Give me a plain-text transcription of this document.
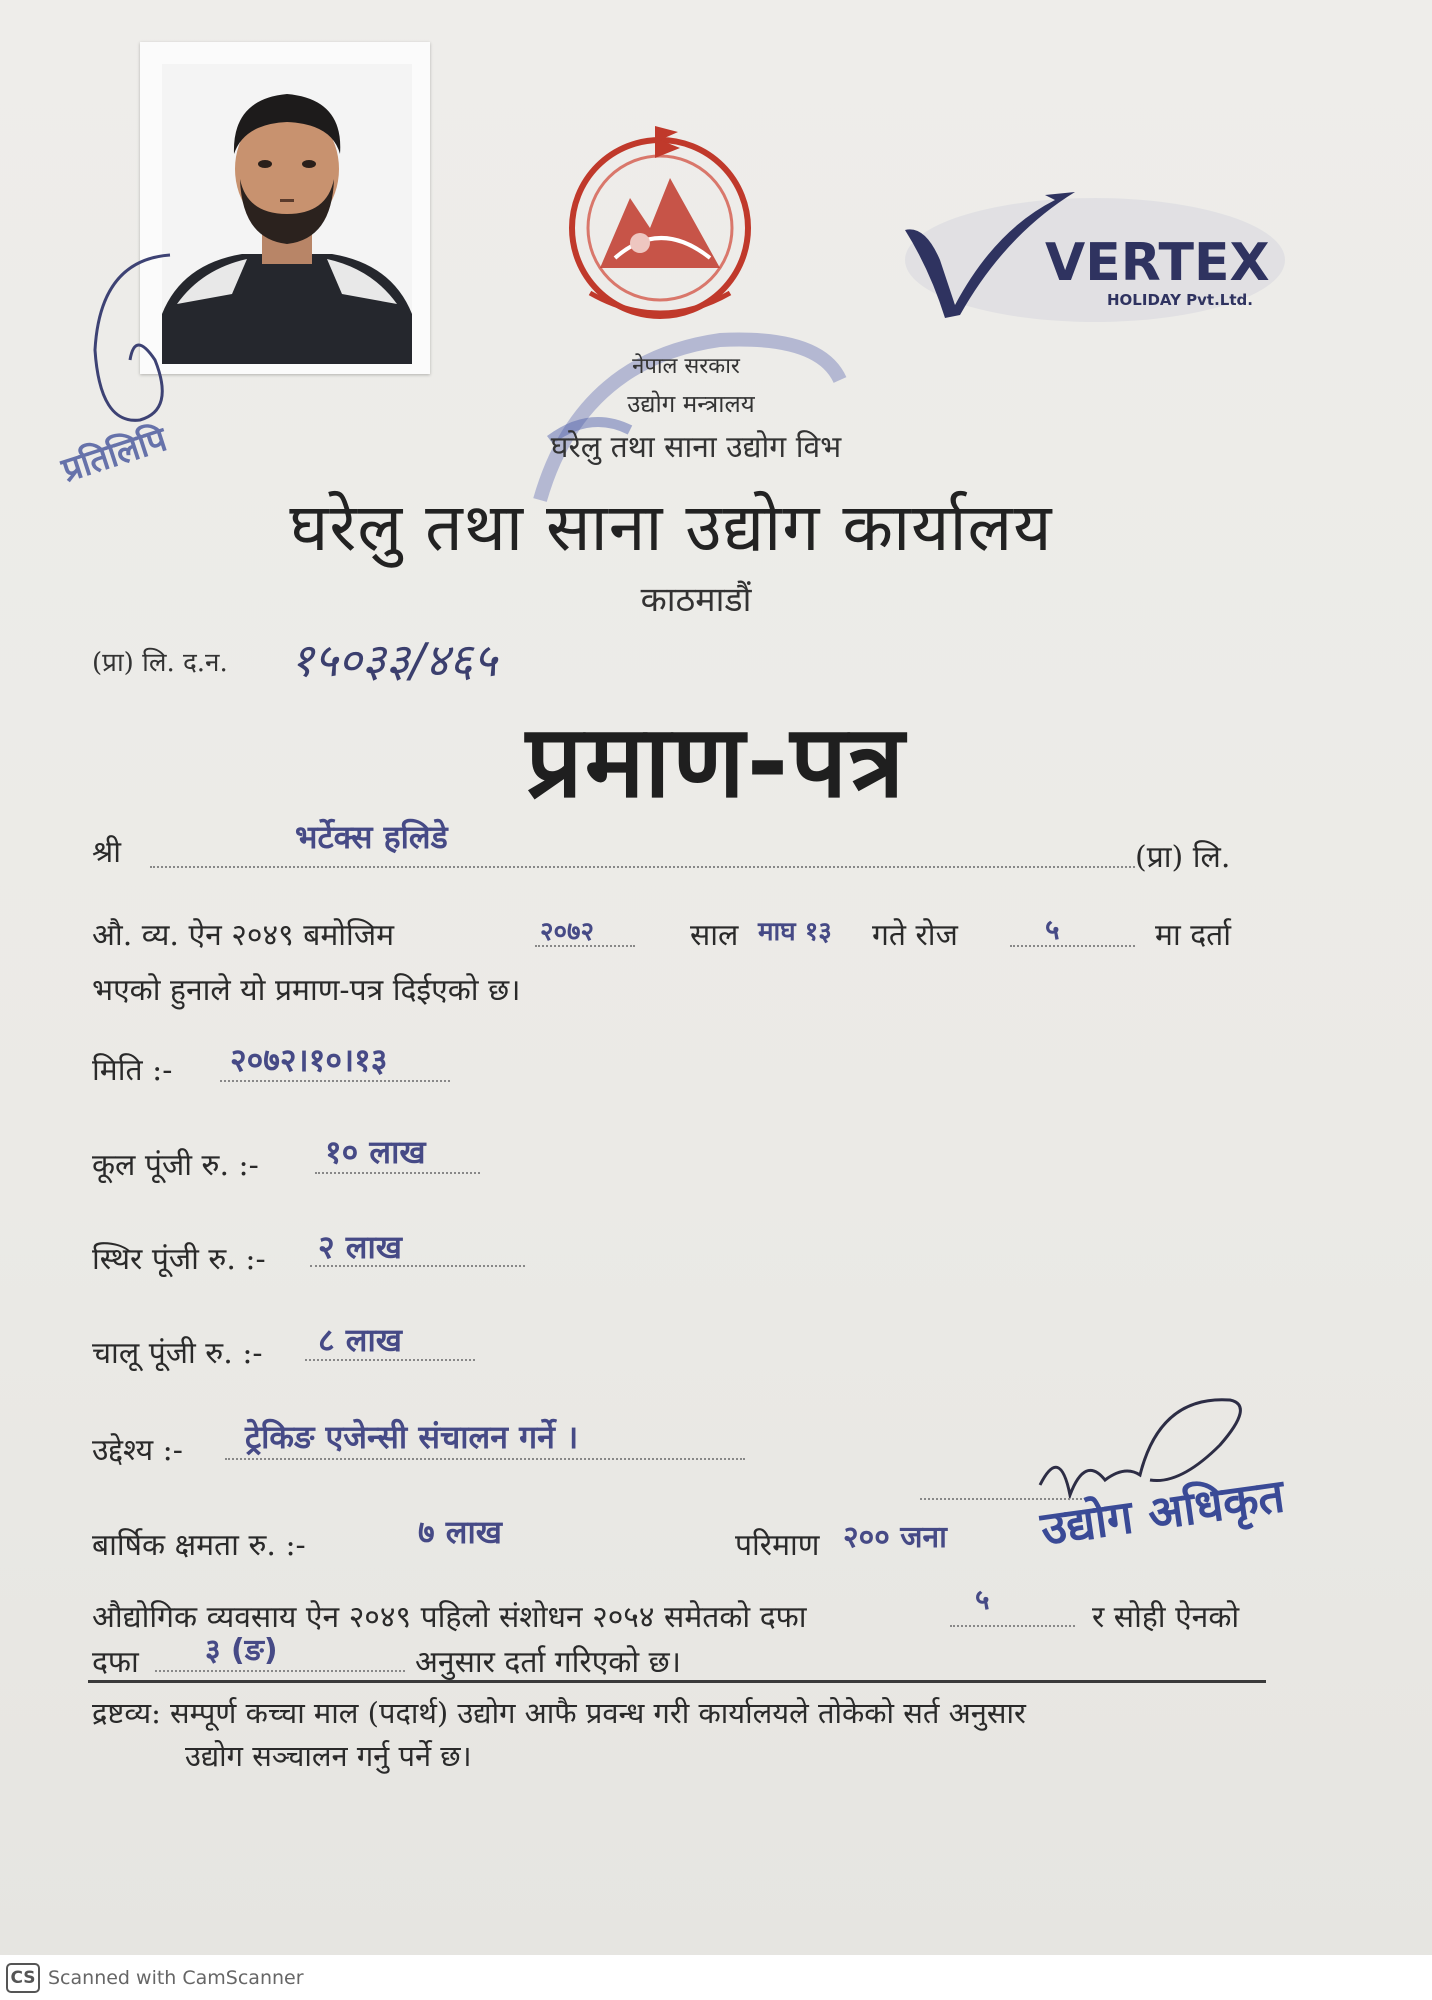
प्रतिलिपि
VERTEX
HOLIDAY Pvt.Ltd.
नेपाल सरकार
उद्योग मन्त्रालय
घरेलु तथा साना उद्योग विभ
घरेलु तथा साना उद्योग कार्यालय
काठमाडौं
(प्रा) लि. द.न. १५०३३/४६५
प्रमाण-पत्र
श्री	भर्टेक्स हलिडे
(प्रा) लि.
औ. व्य. ऐन २०४९ बमोजिम	२०७२	साल माघ १३ गते रोज	५	मा दर्ता
भएको हुनाले यो प्रमाण-पत्र दिईएको छ।
मिति :- २०७२।१०।१३
कूल पूंजी रु. :- १० लाख
स्थिर पूंजी रु. :- २ लाख
चालू पूंजी रु. :- ८ लाख
उद्देश्य :- ट्रेकिङ एजेन्सी संचालन गर्ने ।
उद्योग अधिकृत
बार्षिक क्षमता रु. :-	७ लाख	परिमाण २०० जना
औद्योगिक व्यवसाय ऐन २०४९ पहिलो संशोधन २०५४ समेतको दफा
५
र सोही ऐनको
दफा ३ (ङ)	अनुसार दर्ता गरिएको छ।
द्रष्टव्य: सम्पूर्ण कच्चा माल (पदार्थ) उद्योग आफै प्रवन्ध गरी कार्यालयले तोकेको सर्त अनुसार
उद्योग सञ्चालन गर्नु पर्ने छ।
CS Scanned with CamScanner
